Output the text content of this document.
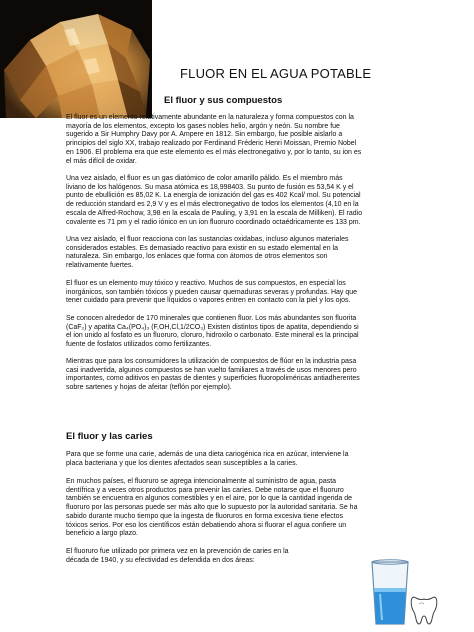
FLUOR EN EL AGUA POTABLE
El fluor y sus compuestos

El fluor es un elemento relativamente abundante en la naturaleza y forma compuestos con la
mayoría de los elementos, excepto los gases nobles helio, argón y neón. Su nombre fue
sugerido a Sir Humphry Davy por A. Ampere en 1812. Sin embargo, fue posible aislarlo a
principios del siglo XX, trabajo realizado por Ferdinand Fréderic Henri Moissan, Premio Nobel
en 1906. El problema era que este elemento es el más electronegativo y, por lo tanto, su ion es
el más difícil de oxidar.

Una vez aislado, el fluor es un gas diatómico de color amarillo pálido. Es el miembro más
liviano de los halógenos. Su masa atómica es 18,998403. Su punto de fusión es 53,54 K y el
punto de ebullición es 85,02 K. La energía de ionización del gas es 402 Kcal/ mol. Su potencial
de reducción standard es 2,9 V y es el más electronegativo de todos los elementos (4,10 en la
escala de Alfred-Rochow, 3,98 en la escala de Pauling, y 3,91 en la escala de Milliken). El radio
covalente es 71 pm y el radio iónico en un ion fluoruro coordinado octaédricamente es 133 pm.

Una vez aislado, el fluor reacciona con las sustancias oxidabas, incluso algunos materiales
considerados estables. Es demasiado reactivo para existir en su estado elemental en la
naturaleza. Sin embargo, los enlaces que forma con átomos de otros elementos son
relativamente fuertes.

El fluor es un elemento muy tóxico y reactivo. Muchos de sus compuestos, en especial los
inorgánicos, son también tóxicos y pueden causar quemaduras severas y profundas. Hay que
tener cuidado para prevenir que líquidos o vapores entren en contacto con la piel y los ojos.

Se conocen alrededor de 170 minerales que contienen fluor. Los más abundantes son fluorita
(CaF₂) y apatita Ca₄(PO₄)₃ (F,OH,Cl,1/2CO₃) Existen distintos tipos de apatita, dependiendo si
el ion unido al fosfato es un fluoruro, cloruro, hidroxilo o carbonato. Este mineral es la principal
fuente de fosfatos utilizados como fertilizantes.

Mientras que para los consumidores la utilización de compuestos de flúor en la industria pasa
casi inadvertida, algunos compuestos se han vuelto familiares a través de usos menores pero
importantes, como aditivos en pastas de dientes y superficies fluoropoliméricas antiadherentes
sobre sartenes y hojas de afeitar (teflón por ejemplo).

El fluor y las caries

Para que se forme una carie, además de una dieta cariogénica rica en azúcar, interviene la
placa bacteriana y que los dientes afectados sean susceptibles a la caries.

En muchos países, el fluoruro se agrega intencionalmente al suministro de agua, pasta
dentífrica y a veces otros productos para prevenir las caries. Debe notarse que el fluoruro
también se encuentra en algunos comestibles y en el aire, por lo que la cantidad ingerida de
fluoruro por las personas puede ser más alto que lo supuesto por la autoridad sanitaria. Se ha
sabido durante mucho tiempo que la ingesta de fluoruros en forma excesiva tiene efectos
tóxicos serios. Por eso los científicos están debatiendo ahora si fluorar el agua confiere un
beneficio a largo plazo.

El fluoruro fue utilizado por primera vez en la prevención de caries en la
década de 1940, y su efectividad es defendida en dos áreas:
